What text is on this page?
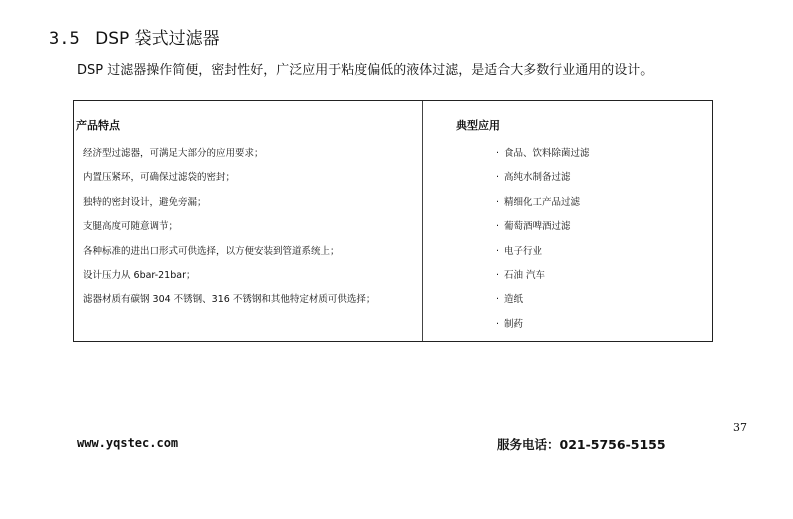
3.5 DSP 袋式过滤器
DSP 过滤器操作简便，密封性好，广泛应用于粘度偏低的液体过滤，是适合大多数行业通用的设计。
产品特点
经济型过滤器，可满足大部分的应用要求；
内置压紧环，可确保过滤袋的密封；
独特的密封设计，避免旁漏；
支腿高度可随意调节；
各种标准的进出口形式可供选择，以方便安装到管道系统上；
设计压力从 6bar-21bar；
滤器材质有碳钢 304 不锈钢、316 不锈钢和其他特定材质可供选择；
典型应用
· 食品、饮料除菌过滤
· 高纯水制备过滤
· 精细化工产品过滤
· 葡萄酒啤酒过滤
· 电子行业
· 石油 汽车
· 造纸
· 制药
37
www.yqstec.com	服务电话：021-5756-5155
